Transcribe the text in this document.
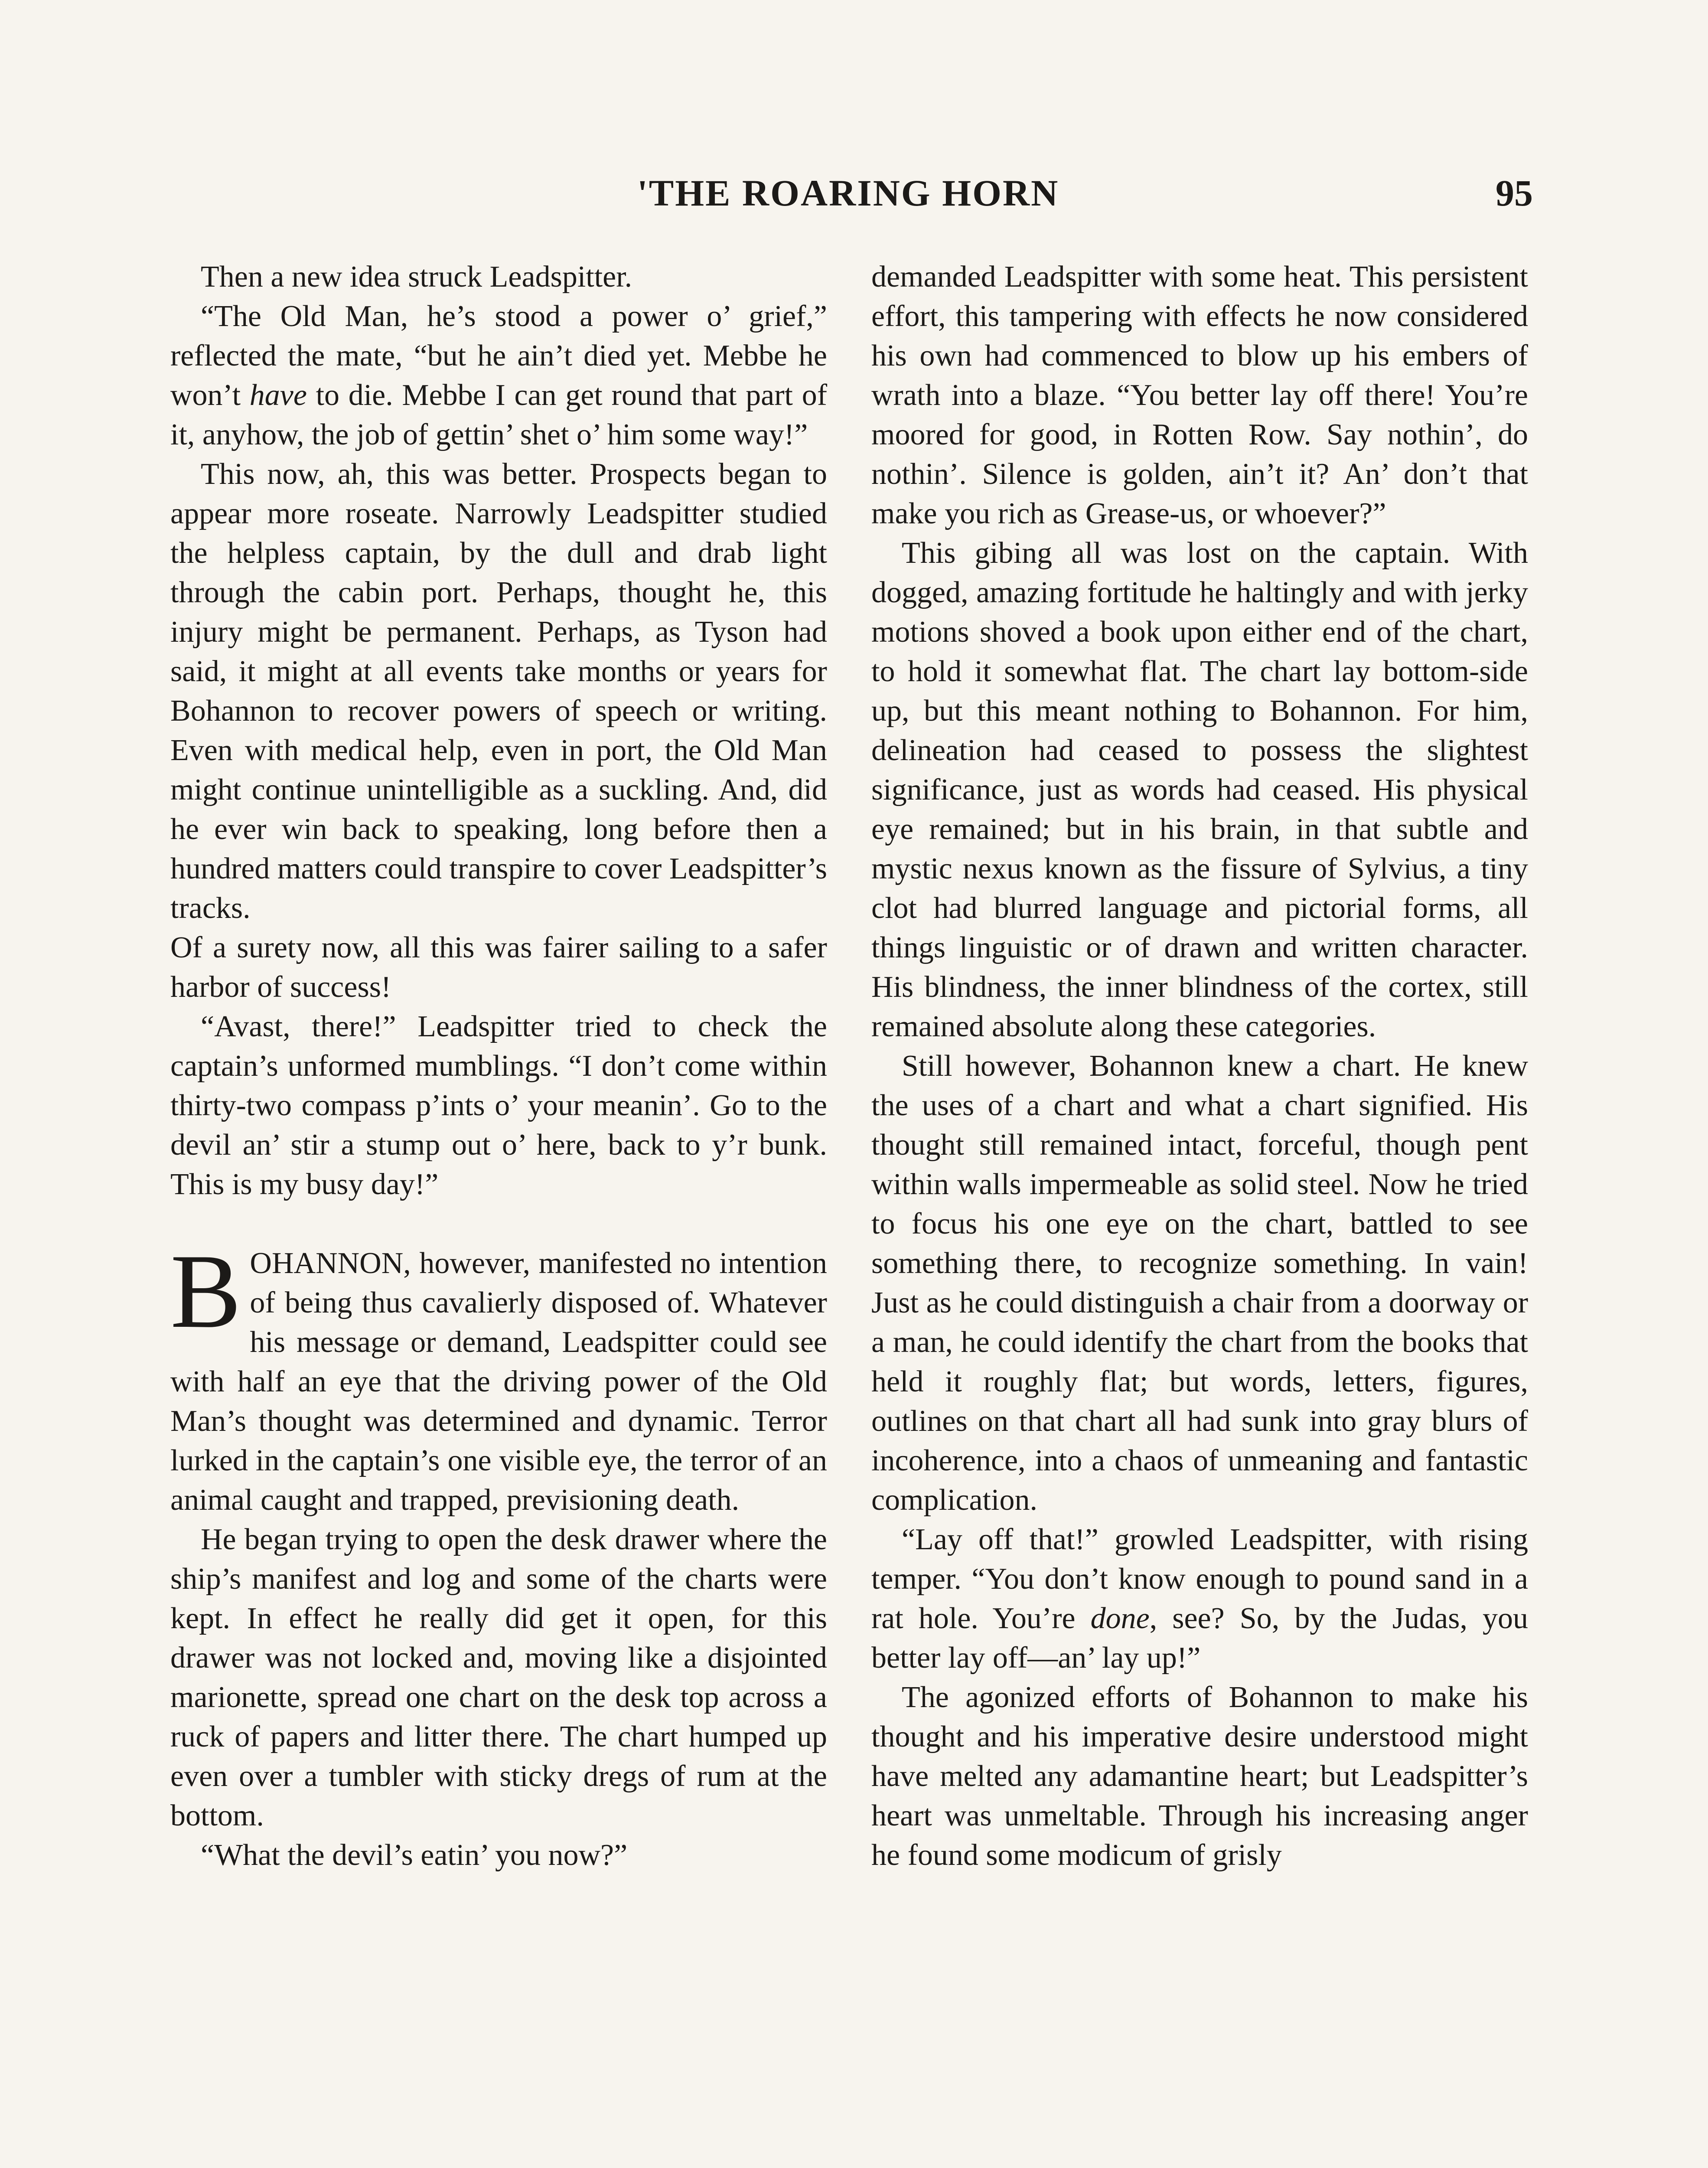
'THE ROARING HORN	95

Then a new idea struck Leadspitter.

“The Old Man, he’s stood a power o’ grief,” reflected the mate, “but he ain’t died yet. Mebbe he won’t have to die. Mebbe I can get round that part of it, anyhow, the job of gettin’ shet o’ him some way!”

This now, ah, this was better. Prospects began to appear more roseate. Narrowly Leadspitter studied the helpless captain, by the dull and drab light through the cabin port. Perhaps, thought he, this injury might be permanent. Perhaps, as Tyson had said, it might at all events take months or years for Bohannon to recover powers of speech or writing. Even with medical help, even in port, the Old Man might continue unintelligible as a suckling. And, did he ever win back to speaking, long before then a hundred matters could transpire to cover Leadspitter’s tracks.

Of a surety now, all this was fairer sailing to a safer harbor of success!

“Avast, there!” Leadspitter tried to check the captain’s unformed mumblings. “I don’t come within thirty-two compass p’ints o’ your meanin’. Go to the devil an’ stir a stump out o’ here, back to y’r bunk. This is my busy day!”

BOHANNON, however, manifested no intention of being thus cavalierly disposed of. Whatever his message or demand, Leadspitter could see with half an eye that the driving power of the Old Man’s thought was determined and dynamic. Terror lurked in the captain’s one visible eye, the terror of an animal caught and trapped, previsioning death.

He began trying to open the desk drawer where the ship’s manifest and log and some of the charts were kept. In effect he really did get it open, for this drawer was not locked and, moving like a disjointed marionette, spread one chart on the desk top across a ruck of papers and litter there. The chart humped up even over a tumbler with sticky dregs of rum at the bottom.

“What the devil’s eatin’ you now?”

demanded Leadspitter with some heat. This persistent effort, this tampering with effects he now considered his own had commenced to blow up his embers of wrath into a blaze. “You better lay off there! You’re moored for good, in Rotten Row. Say nothin’, do nothin’. Silence is golden, ain’t it? An’ don’t that make you rich as Grease-us, or whoever?”

This gibing all was lost on the captain. With dogged, amazing fortitude he haltingly and with jerky motions shoved a book upon either end of the chart, to hold it somewhat flat. The chart lay bottom-side up, but this meant nothing to Bohannon. For him, delineation had ceased to possess the slightest significance, just as words had ceased. His physical eye remained; but in his brain, in that subtle and mystic nexus known as the fissure of Sylvius, a tiny clot had blurred language and pictorial forms, all things linguistic or of drawn and written character. His blindness, the inner blindness of the cortex, still remained absolute along these categories.

Still however, Bohannon knew a chart. He knew the uses of a chart and what a chart signified. His thought still remained intact, forceful, though pent within walls impermeable as solid steel. Now he tried to focus his one eye on the chart, battled to see something there, to recognize something. In vain! Just as he could distinguish a chair from a doorway or a man, he could identify the chart from the books that held it roughly flat; but words, letters, figures, outlines on that chart all had sunk into gray blurs of incoherence, into a chaos of unmeaning and fantastic complication.

“Lay off that!” growled Leadspitter, with rising temper. “You don’t know enough to pound sand in a rat hole. You’re done, see? So, by the Judas, you better lay off—an’ lay up!”

The agonized efforts of Bohannon to make his thought and his imperative desire understood might have melted any adamantine heart; but Leadspitter’s heart was unmeltable. Through his increasing anger he found some modicum of grisly
